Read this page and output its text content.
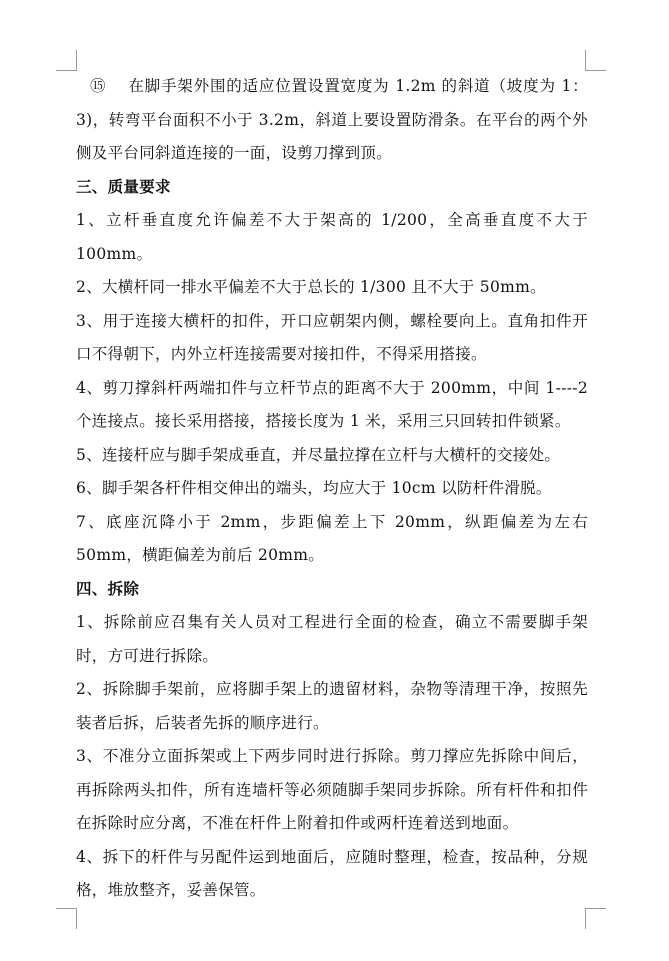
⑮ 在脚手架外围的适应位置设置宽度为 1.2m 的斜道（坡度为 1：3)，转弯平台面积不小于 3.2m，斜道上要设置防滑条。在平台的两个外侧及平台同斜道连接的一面，设剪刀撑到顶。

三、质量要求

1、立杆垂直度允许偏差不大于架高的 1/200，全高垂直度不大于 100mm。

2、大横杆同一排水平偏差不大于总长的 1/300 且不大于 50mm。

3、用于连接大横杆的扣件，开口应朝架内侧，螺栓要向上。直角扣件开口不得朝下，内外立杆连接需要对接扣件，不得采用搭接。

4、剪刀撑斜杆两端扣件与立杆节点的距离不大于 200mm，中间 1----2 个连接点。接长采用搭接，搭接长度为 1 米，采用三只回转扣件锁紧。

5、连接杆应与脚手架成垂直，并尽量拉撑在立杆与大横杆的交接处。

6、脚手架各杆件相交伸出的端头，均应大于 10cm 以防杆件滑脱。

7、底座沉降小于 2mm，步距偏差上下 20mm，纵距偏差为左右 50mm，横距偏差为前后 20mm。

四、拆除

1、拆除前应召集有关人员对工程进行全面的检查，确立不需要脚手架时，方可进行拆除。

2、拆除脚手架前，应将脚手架上的遗留材料，杂物等清理干净，按照先装者后拆，后装者先拆的顺序进行。

3、不准分立面拆架或上下两步同时进行拆除。剪刀撑应先拆除中间后，再拆除两头扣件，所有连墙杆等必须随脚手架同步拆除。所有杆件和扣件在拆除时应分离，不准在杆件上附着扣件或两杆连着送到地面。

4、拆下的杆件与另配件运到地面后，应随时整理，检查，按品种，分规格，堆放整齐，妥善保管。
